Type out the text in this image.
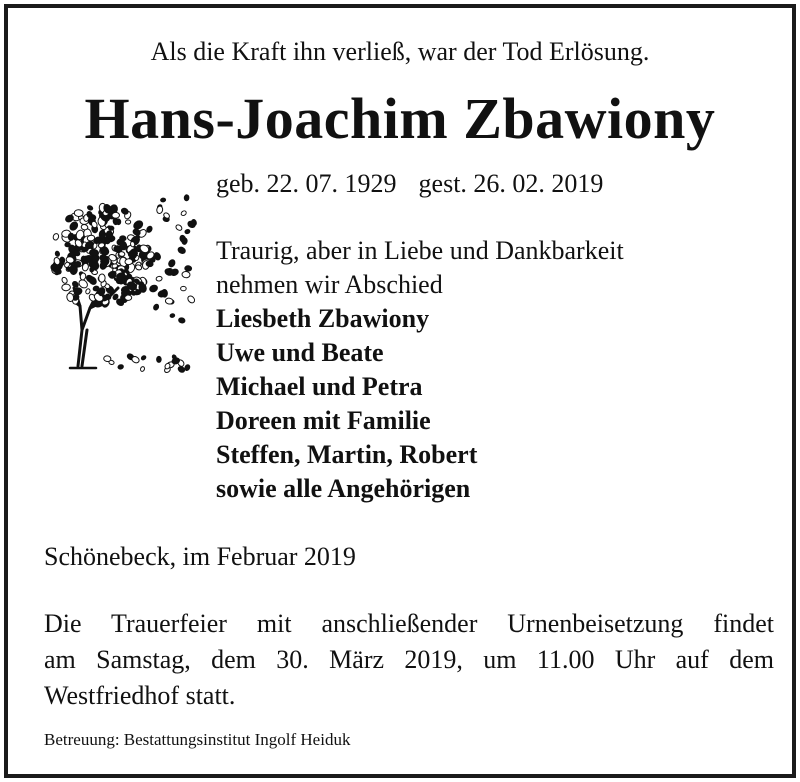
Als die Kraft ihn verließ, war der Tod Erlösung.
Hans-Joachim Zbawiony
geb. 22. 07. 1929 gest. 26. 02. 2019
Traurig, aber in Liebe und Dankbarkeit
nehmen wir Abschied
Liesbeth Zbawiony
Uwe und Beate
Michael und Petra
Doreen mit Familie
Steffen, Martin, Robert
sowie alle Angehörigen
Schönebeck, im Februar 2019
Die Trauerfeier mit anschließender Urnenbeisetzung findet
am Samstag, dem 30. März 2019, um 11.00 Uhr auf dem
Westfriedhof statt.
Betreuung: Bestattungsinstitut Ingolf Heiduk
